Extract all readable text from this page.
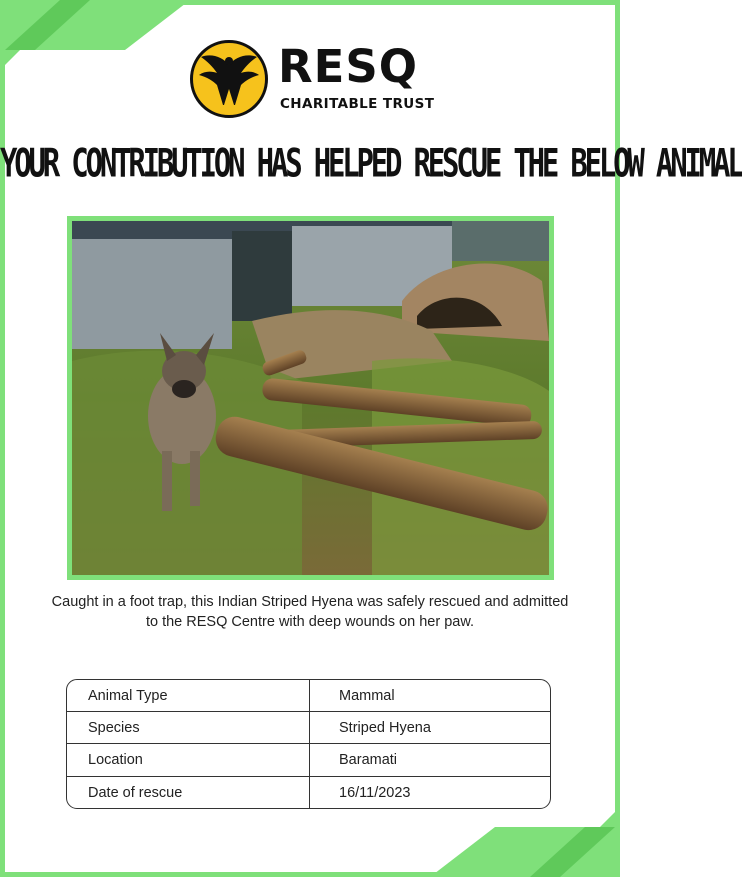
RESQ
CHARITABLE TRUST
YOUR CONTRIBUTION HAS HELPED RESCUE THE BELOW ANIMAL
Caught in a foot trap, this Indian Striped Hyena was safely rescued and admitted
to the RESQ Centre with deep wounds on her paw.
Animal Type	Mammal
Species	Striped Hyena
Location	Baramati
Date of rescue	16/11/2023
